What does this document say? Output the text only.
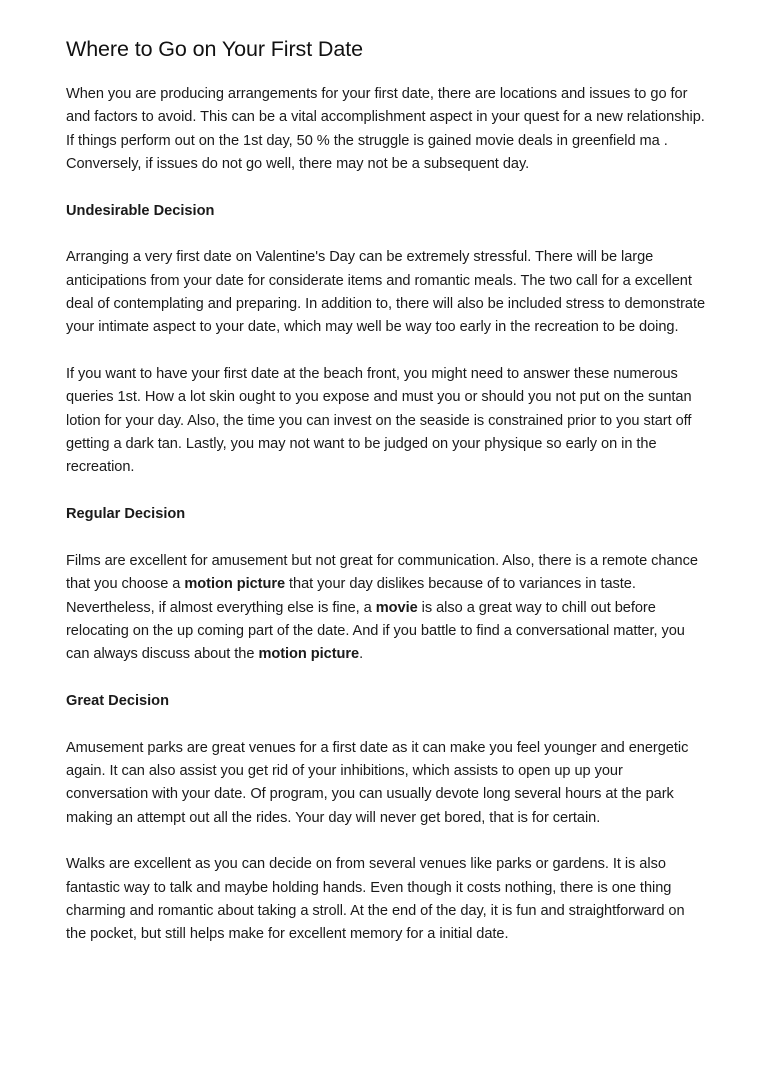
Where to Go on Your First Date

When you are producing arrangements for your first date, there are locations and issues to go for and factors to avoid. This can be a vital accomplishment aspect in your quest for a new relationship. If things perform out on the 1st day, 50 % the struggle is gained movie deals in greenfield ma . Conversely, if issues do not go well, there may not be a subsequent day.

Undesirable Decision

Arranging a very first date on Valentine's Day can be extremely stressful. There will be large anticipations from your date for considerate items and romantic meals. The two call for a excellent deal of contemplating and preparing. In addition to, there will also be included stress to demonstrate your intimate aspect to your date, which may well be way too early in the recreation to be doing.

If you want to have your first date at the beach front, you might need to answer these numerous queries 1st. How a lot skin ought to you expose and must you or should you not put on the suntan lotion for your day. Also, the time you can invest on the seaside is constrained prior to you start off getting a dark tan. Lastly, you may not want to be judged on your physique so early on in the recreation.

Regular Decision

Films are excellent for amusement but not great for communication. Also, there is a remote chance that you choose a motion picture that your day dislikes because of to variances in taste. Nevertheless, if almost everything else is fine, a movie is also a great way to chill out before relocating on the up coming part of the date. And if you battle to find a conversational matter, you can always discuss about the motion picture.

Great Decision

Amusement parks are great venues for a first date as it can make you feel younger and energetic again. It can also assist you get rid of your inhibitions, which assists to open up up your conversation with your date. Of program, you can usually devote long several hours at the park making an attempt out all the rides. Your day will never get bored, that is for certain.

Walks are excellent as you can decide on from several venues like parks or gardens. It is also fantastic way to talk and maybe holding hands. Even though it costs nothing, there is one thing charming and romantic about taking a stroll. At the end of the day, it is fun and straightforward on the pocket, but still helps make for excellent memory for a initial date.
